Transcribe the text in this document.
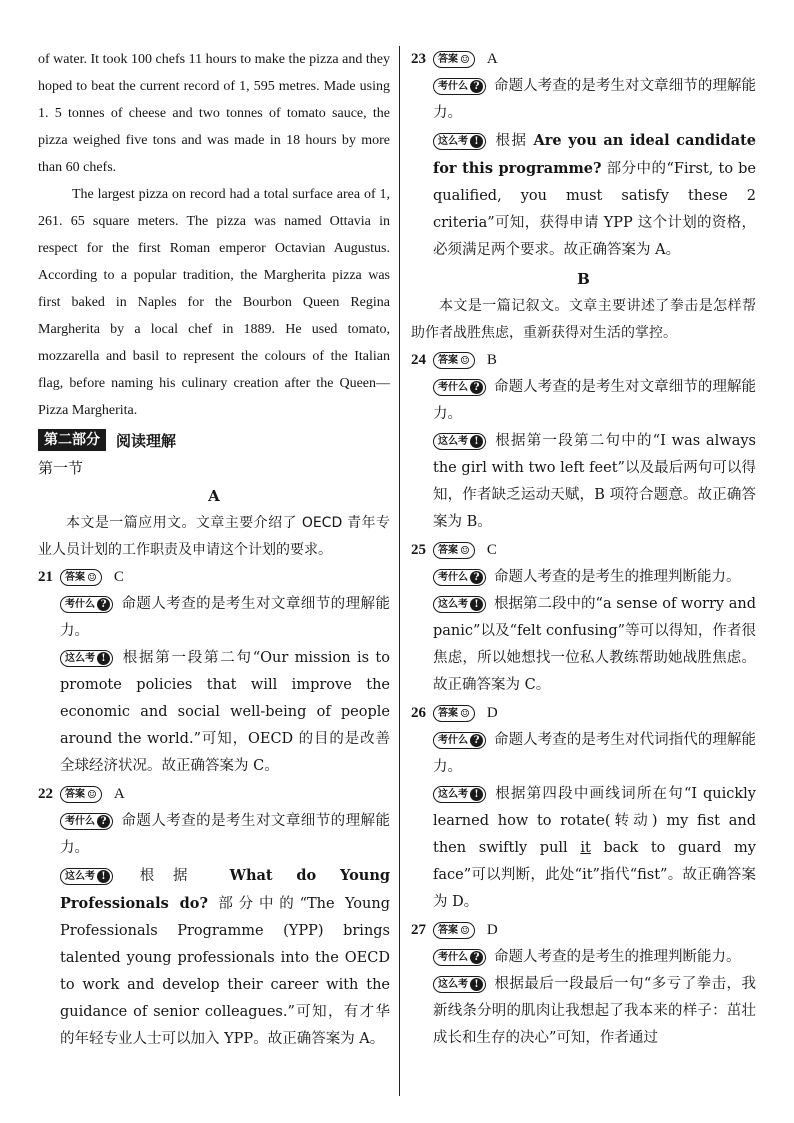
of water. It took 100 chefs 11 hours to make the pizza and they hoped to beat the current record of 1, 595 metres. Made using 1. 5 tonnes of cheese and two tonnes of tomato sauce, the pizza weighed five tons and was made in 18 hours by more than 60 chefs.

The largest pizza on record had a total surface area of 1, 261. 65 square meters. The pizza was named Ottavia in respect for the first Roman emperor Octavian Augustus. According to a popular tradition, the Margherita pizza was first baked in Naples for the Bourbon Queen Regina Margherita by a local chef in 1889. He used tomato, mozzarella and basil to represent the colours of the Italian flag, before naming his culinary creation after the Queen—Pizza Margherita.

第二部分	阅读理解

第一节

A

本文是一篇应用文。文章主要介绍了 OECD 青年专业人员计划的工作职责及申请这个计划的要求。

21	答案 ☺ C

考什么 ? 命题人考查的是考生对文章细节的理解能力。

这么考 ! 根据第一段第二句“Our mission is to promote policies that will improve the economic and social well-being of people around the world.”可知，OECD 的目的是改善全球经济状况。故正确答案为 C。

22	答案 ☺ A

考什么 ? 命题人考查的是考生对文章细节的理解能力。

这么考 ! 根据 What do Young Professionals do? 部分中的“The Young Professionals Programme (YPP) brings talented young professionals into the OECD to work and develop their career with the guidance of senior colleagues.”可知，有才华的年轻专业人士可以加入 YPP。故正确答案为 A。

23	答案 ☺ A

考什么 ? 命题人考查的是考生对文章细节的理解能力。

这么考 ! 根据 Are you an ideal candidate for this programme? 部分中的“First, to be qualified, you must satisfy these 2 criteria”可知，获得申请 YPP 这个计划的资格，必须满足两个要求。故正确答案为 A。

B

本文是一篇记叙文。文章主要讲述了拳击是怎样帮助作者战胜焦虑，重新获得对生活的掌控。

24	答案 ☺ B

考什么 ? 命题人考查的是考生对文章细节的理解能力。

这么考 ! 根据第一段第二句中的“I was always the girl with two left feet”以及最后两句可以得知，作者缺乏运动天赋，B 项符合题意。故正确答案为 B。

25	答案 ☺ C

考什么 ? 命题人考查的是考生的推理判断能力。

这么考 ! 根据第二段中的“a sense of worry and panic”以及“felt confusing”等可以得知，作者很焦虑，所以她想找一位私人教练帮助她战胜焦虑。故正确答案为 C。

26	答案 ☺ D

考什么 ? 命题人考查的是考生对代词指代的理解能力。

这么考 ! 根据第四段中画线词所在句“I quickly learned how to rotate(转动) my fist and then swiftly pull it back to guard my face”可以判断，此处“it”指代“fist”。故正确答案为 D。

27	答案 ☺ D

考什么 ? 命题人考查的是考生的推理判断能力。

这么考 ! 根据最后一段最后一句“多亏了拳击，我新线条分明的肌肉让我想起了我本来的样子：茁壮成长和生存的决心”可知，作者通过
